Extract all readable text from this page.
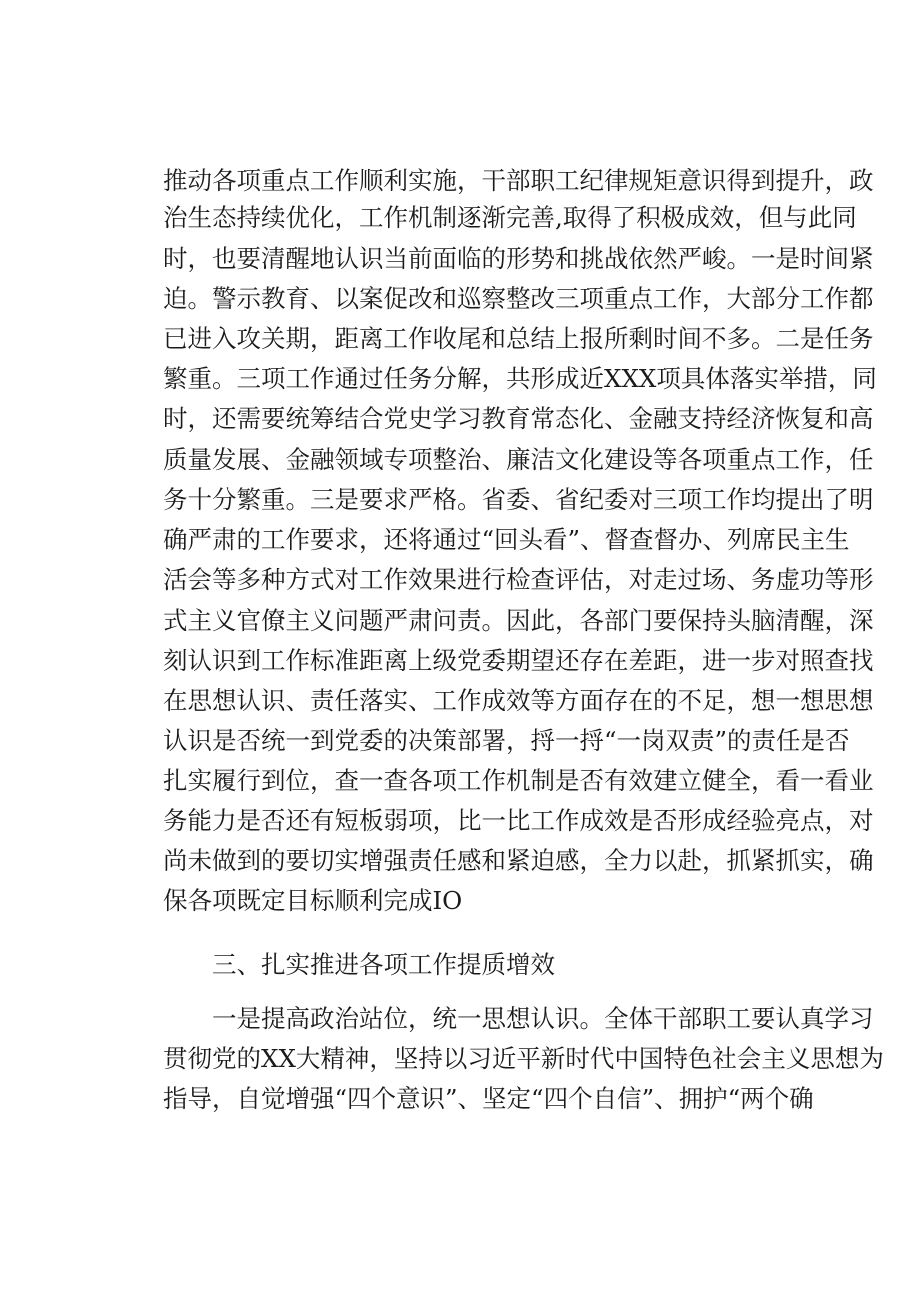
推动各项重点工作顺利实施，干部职工纪律规矩意识得到提升，政
治生态持续优化，工作机制逐渐完善,取得了积极成效，但与此同
时，也要清醒地认识当前面临的形势和挑战依然严峻。一是时间紧
迫。警示教育、以案促改和巡察整改三项重点工作，大部分工作都
已进入攻关期，距离工作收尾和总结上报所剩时间不多。二是任务
繁重。三项工作通过任务分解，共形成近XXX项具体落实举措，同
时，还需要统筹结合党史学习教育常态化、金融支持经济恢复和高
质量发展、金融领域专项整治、廉洁文化建设等各项重点工作，任
务十分繁重。三是要求严格。省委、省纪委对三项工作均提出了明
确严肃的工作要求，还将通过“回头看”、督查督办、列席民主生
活会等多种方式对工作效果进行检查评估，对走过场、务虚功等形
式主义官僚主义问题严肃问责。因此，各部门要保持头脑清醒，深
刻认识到工作标准距离上级党委期望还存在差距，进一步对照查找
在思想认识、责任落实、工作成效等方面存在的不足，想一想思想
认识是否统一到党委的决策部署，捋一捋“一岗双责”的责任是否
扎实履行到位，查一查各项工作机制是否有效建立健全，看一看业
务能力是否还有短板弱项，比一比工作成效是否形成经验亮点，对
尚未做到的要切实增强责任感和紧迫感，全力以赴，抓紧抓实，确
保各项既定目标顺利完成IO
三、扎实推进各项工作提质增效
一是提高政治站位，统一思想认识。全体干部职工要认真学习
贯彻党的XX大精神，坚持以习近平新时代中国特色社会主义思想为
指导，自觉增强“四个意识”、坚定“四个自信”、拥护“两个确
